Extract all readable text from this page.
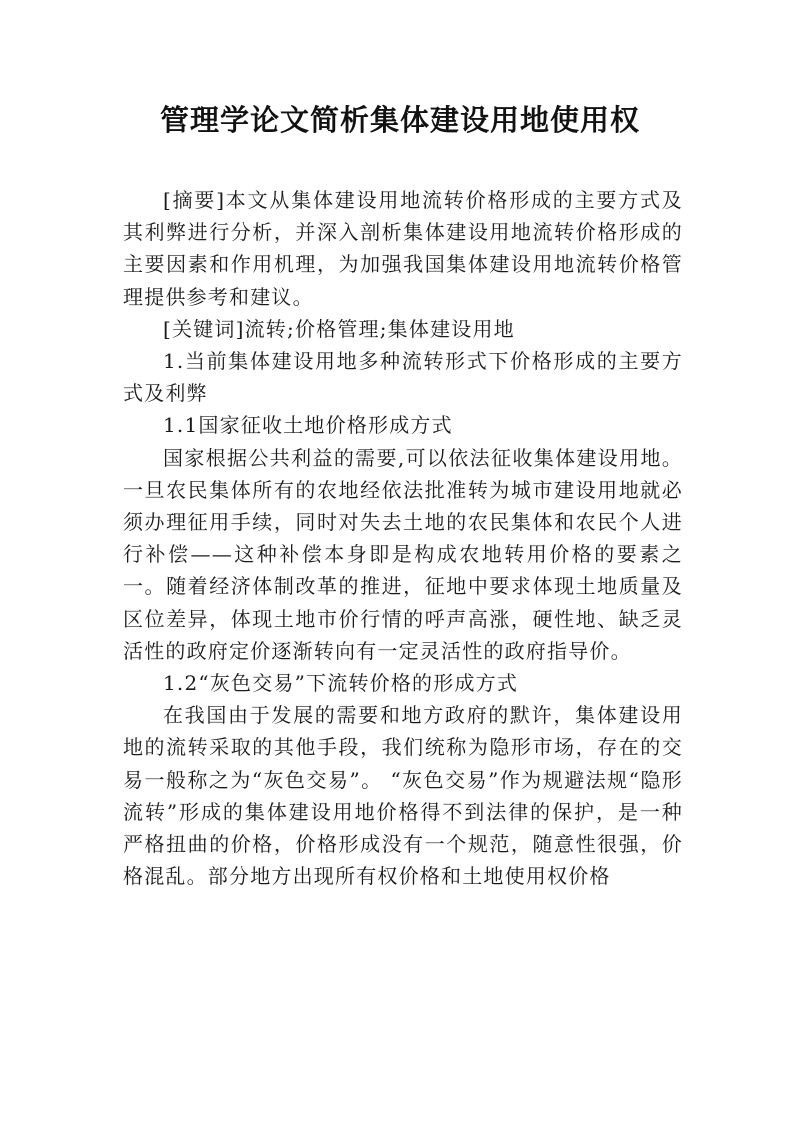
管理学论文简析集体建设用地使用权

[摘要]本文从集体建设用地流转价格形成的主要方式及其利弊进行分析，并深入剖析集体建设用地流转价格形成的主要因素和作用机理，为加强我国集体建设用地流转价格管理提供参考和建议。

[关键词]流转;价格管理;集体建设用地

1.当前集体建设用地多种流转形式下价格形成的主要方式及利弊

1.1国家征收土地价格形成方式

国家根据公共利益的需要,可以依法征收集体建设用地。一旦农民集体所有的农地经依法批准转为城市建设用地就必须办理征用手续，同时对失去土地的农民集体和农民个人进行补偿——这种补偿本身即是构成农地转用价格的要素之一。随着经济体制改革的推进，征地中要求体现土地质量及区位差异，体现土地市价行情的呼声高涨，硬性地、缺乏灵活性的政府定价逐渐转向有一定灵活性的政府指导价。

1.2“灰色交易”下流转价格的形成方式

在我国由于发展的需要和地方政府的默许，集体建设用地的流转采取的其他手段，我们统称为隐形市场，存在的交易一般称之为“灰色交易”。 “灰色交易”作为规避法规“隐形流转”形成的集体建设用地价格得不到法律的保护，是一种严格扭曲的价格，价格形成没有一个规范，随意性很强，价格混乱。部分地方出现所有权价格和土地使用权价格
